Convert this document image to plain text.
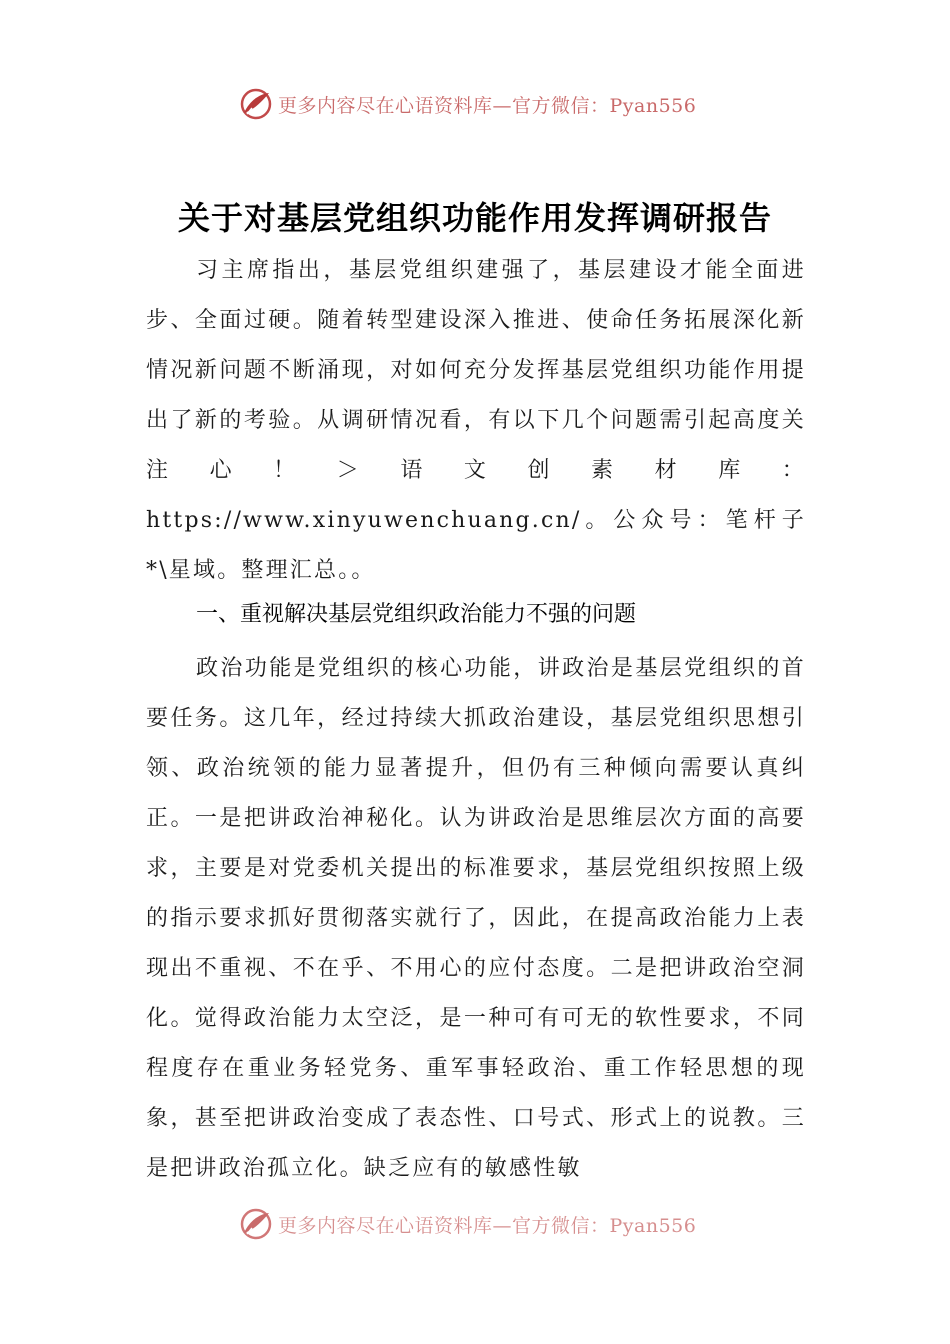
更多内容尽在心语资料库—官方微信：Pyan556
关于对基层党组织功能作用发挥调研报告
习主席指出，基层党组织建强了，基层建设才能全面进步、全面过硬。随着转型建设深入推进、使命任务拓展深化新情况新问题不断涌现，对如何充分发挥基层党组织功能作用提出了新的考验。从调研情况看，有以下几个问题需引起高度关注心！＞语文创素材库：https://www.xinyuwenchuang.cn/。公众号：笔杆子*\星域。整理汇总。。
一、重视解决基层党组织政治能力不强的问题
政治功能是党组织的核心功能，讲政治是基层党组织的首要任务。这几年，经过持续大抓政治建设，基层党组织思想引领、政治统领的能力显著提升，但仍有三种倾向需要认真纠正。一是把讲政治神秘化。认为讲政治是思维层次方面的高要求，主要是对党委机关提出的标准要求，基层党组织按照上级的指示要求抓好贯彻落实就行了，因此，在提高政治能力上表现出不重视、不在乎、不用心的应付态度。二是把讲政治空洞化。觉得政治能力太空泛，是一种可有可无的软性要求，不同程度存在重业务轻党务、重军事轻政治、重工作轻思想的现象，甚至把讲政治变成了表态性、口号式、形式上的说教。三是把讲政治孤立化。缺乏应有的敏感性敏
更多内容尽在心语资料库—官方微信：Pyan556
